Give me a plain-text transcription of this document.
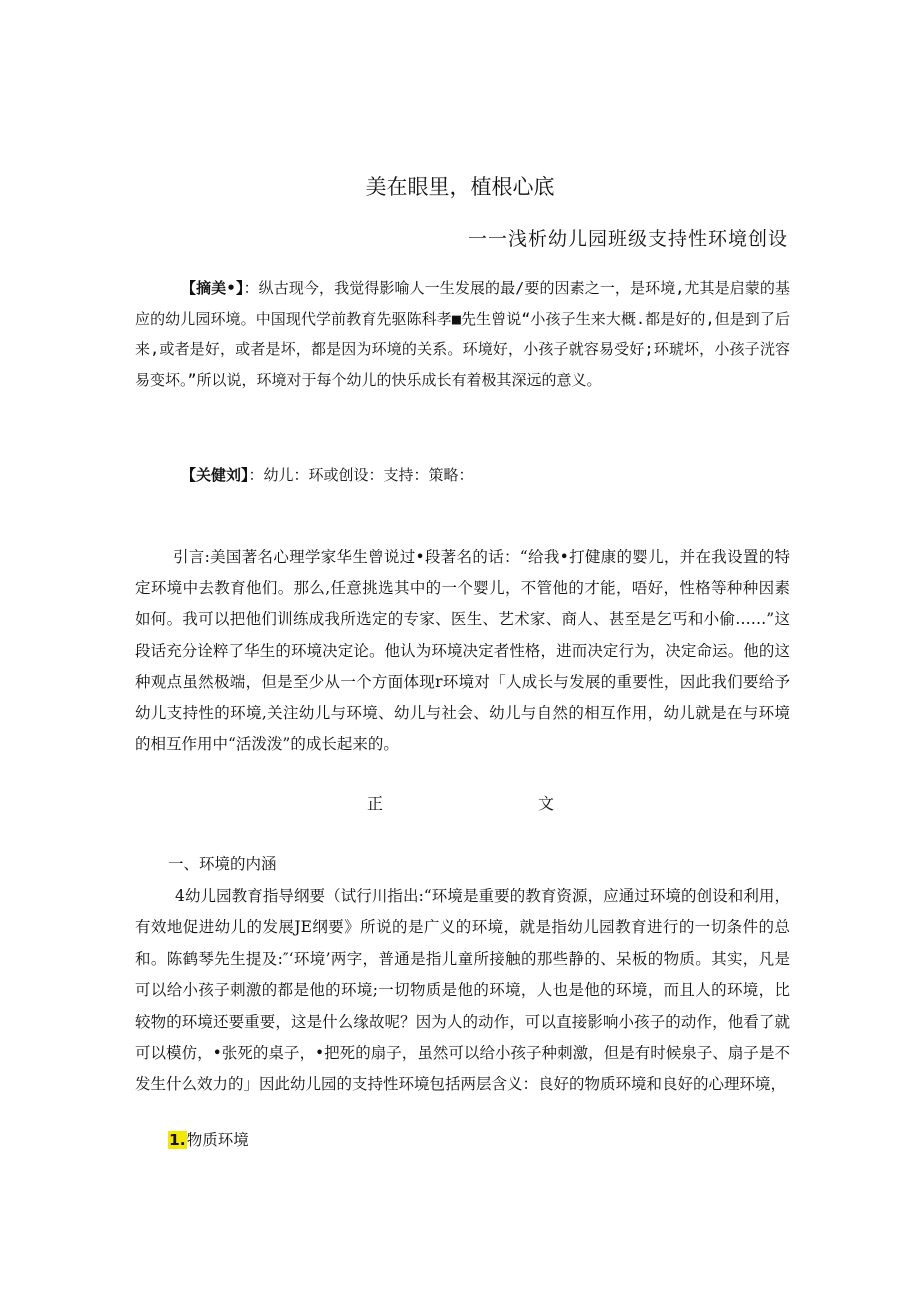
美在眼里，植根心底
一一浅析幼儿园班级支持性环境创设
【摘美•】：纵古现今，我觉得影喻人一生发展的最/要的因素之一，是环境,尤其是启蒙的基应的幼儿园环境。中国现代学前教育先驱陈科孝■先生曾说“小孩子生来大概.都是好的,但是到了后来,或者是好，或者是坏，都是因为环境的关系。环境好，小孩子就容易受好;环琥坏，小孩子洸容易变坏。”所以说，环境对于每个幼儿的快乐成长有着极其深远的意义。
【关健刘】：幼儿：环或创设：支持：策略：
引言:美国著名心理学家华生曾说过•段著名的话：“给我•打健康的婴儿，并在我设置的特定环境中去教育他们。那么,任意挑选其中的一个婴儿，不管他的才能，唔好，性格等种种因素如何。我可以把他们训练成我所选定的专家、医生、艺术家、商人、甚至是乞丐和小偷……”这段话充分诠粹了华生的环境决定论。他认为环境决定者性格，进而决定行为，决定命运。他的这种观点虽然极端，但是至少从一个方面体现r环境对「人成长与发展的重要性，因此我们要给予幼儿支持性的环境,关注幼儿与环境、幼儿与社会、幼儿与自然的相互作用，幼儿就是在与环境的相互作用中“活泼泼”的成长起来的。
正	文
一、环境的内涵
4幼儿园教育指导纲要（试行川指出:“环境是重要的教育资源，应通过环境的创设和利用，有效地促进幼儿的发展JE纲要》所说的是广义的环境，就是指幼儿园教育进行的一切条件的总和。陈鹤琴先生提及:″‘环境’两字，普通是指儿童所接触的那些静的、呆板的物质。其实，凡是可以给小孩子刺激的都是他的环境;一切物质是他的环境，人也是他的环境，而且人的环境，比较物的环境还要重要，这是什么缘故呢？因为人的动作，可以直接影响小孩子的动作，他看了就可以模仿，•张死的桌子，•把死的扇子，虽然可以给小孩子种刺激，但是有时候泉子、扇子是不发生什么效力的」因此幼儿园的支持性环境包括两层含义：良好的物质环境和良好的心理环境，
1.物质环境
